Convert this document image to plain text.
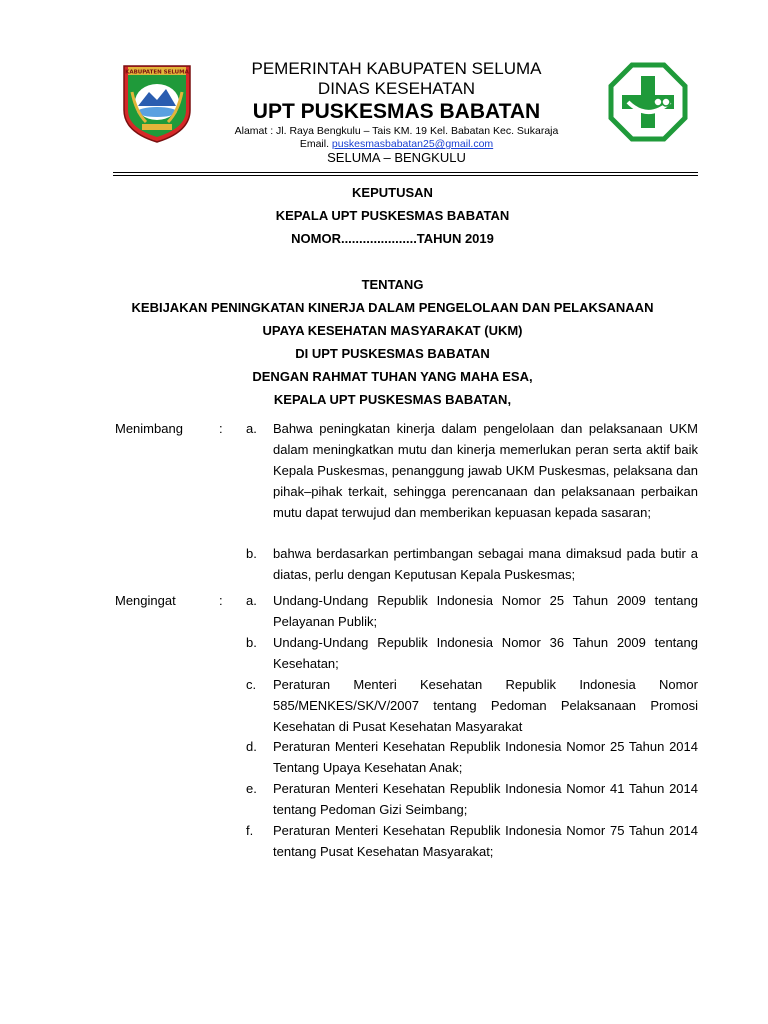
KABUPATEN SELUMA	PEMERINTAH KABUPATEN SELUMA
DINAS KESEHATAN
UPT PUSKESMAS BABATAN
Alamat : Jl. Raya Bengkulu – Tais KM. 19 Kel. Babatan Kec. Sukaraja
Email. puskesmasbabatan25@gmail.com
SELUMA – BENGKULU
KEPUTUSAN
KEPALA UPT PUSKESMAS BABATAN
NOMOR.....................TAHUN 2019
TENTANG
KEBIJAKAN PENINGKATAN KINERJA DALAM PENGELOLAAN DAN PELAKSANAAN
UPAYA KESEHATAN MASYARAKAT (UKM)
DI UPT PUSKESMAS BABATAN
DENGAN RAHMAT TUHAN YANG MAHA ESA,
KEPALA UPT PUSKESMAS BABATAN,
Menimbang	: a. Bahwa peningkatan kinerja dalam pengelolaan dan pelaksanaan UKM dalam meningkatkan mutu dan kinerja memerlukan peran serta aktif baik Kepala Puskesmas, penanggung jawab UKM Puskesmas, pelaksana dan pihak–pihak terkait, sehingga perencanaan dan pelaksanaan perbaikan mutu dapat terwujud dan memberikan kepuasan kepada sasaran;
b. bahwa berdasarkan pertimbangan sebagai mana dimaksud pada butir a diatas, perlu dengan Keputusan Kepala Puskesmas;
Mengingat	: a. Undang-Undang Republik Indonesia Nomor 25 Tahun 2009 tentang Pelayanan Publik;
b. Undang-Undang Republik Indonesia Nomor 36 Tahun 2009 tentang Kesehatan;
c. Peraturan Menteri Kesehatan Republik Indonesia Nomor 585/MENKES/SK/V/2007 tentang Pedoman Pelaksanaan Promosi Kesehatan di Pusat Kesehatan Masyarakat
d. Peraturan Menteri Kesehatan Republik Indonesia Nomor 25 Tahun 2014 Tentang Upaya Kesehatan Anak;
e. Peraturan Menteri Kesehatan Republik Indonesia Nomor 41 Tahun 2014 tentang Pedoman Gizi Seimbang;
f. Peraturan Menteri Kesehatan Republik Indonesia Nomor 75 Tahun 2014 tentang Pusat Kesehatan Masyarakat;
